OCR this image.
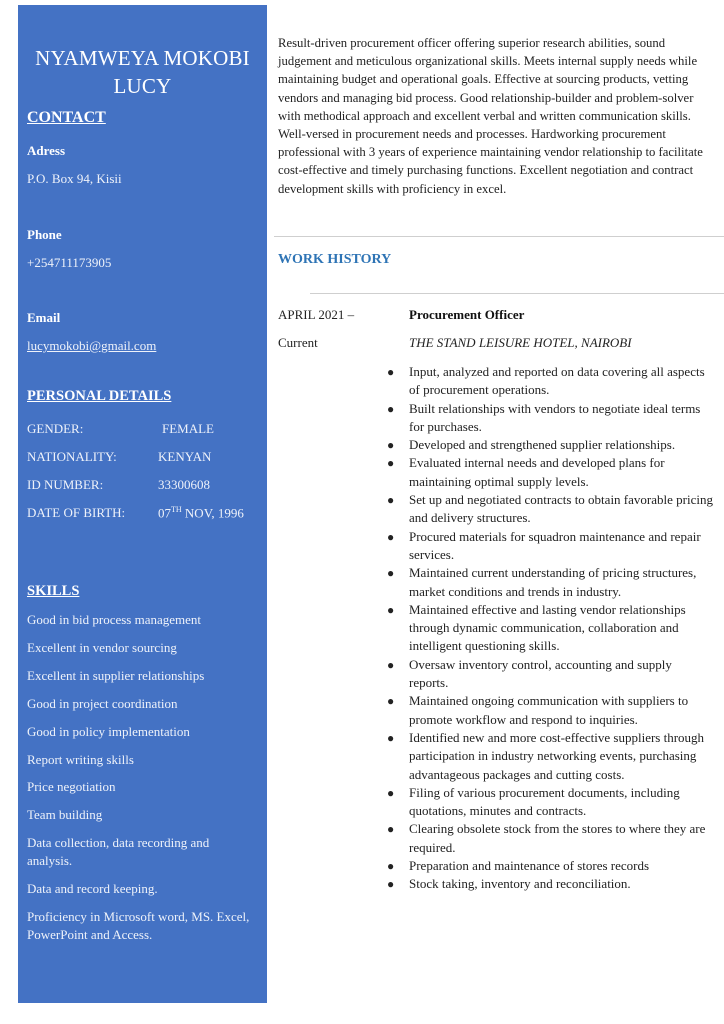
NYAMWEYA MOKOBI LUCY
CONTACT
Adress
P.O. Box 94, Kisii
Phone
+254711173905
Email
lucymokobi@gmail.com
PERSONAL DETAILS
GENDER:	FEMALE
NATIONALITY:	KENYAN
ID NUMBER:	33300608
DATE OF BIRTH:	07TH NOV, 1996
SKILLS
Good in bid process management
Excellent in vendor sourcing
Excellent in supplier relationships
Good in project coordination
Good in policy implementation
Report writing skills
Price negotiation
Team building
Data collection, data recording and analysis.
Data and record keeping.
Proficiency in Microsoft word, MS. Excel, PowerPoint and Access.
Result-driven procurement officer offering superior research abilities, sound judgement and meticulous organizational skills. Meets internal supply needs while maintaining budget and operational goals. Effective at sourcing products, vetting vendors and managing bid process. Good relationship-builder and problem-solver with methodical approach and excellent verbal and written communication skills. Well-versed in procurement needs and processes. Hardworking procurement professional with 3 years of experience maintaining vendor relationship to facilitate cost-effective and timely purchasing functions. Excellent negotiation and contract development skills with proficiency in excel.
WORK HISTORY
APRIL 2021 –
Current
Procurement Officer
THE STAND LEISURE HOTEL, NAIROBI
● Input, analyzed and reported on data covering all aspects of procurement operations.
● Built relationships with vendors to negotiate ideal terms for purchases.
● Developed and strengthened supplier relationships.
● Evaluated internal needs and developed plans for maintaining optimal supply levels.
● Set up and negotiated contracts to obtain favorable pricing and delivery structures.
● Procured materials for squadron maintenance and repair services.
● Maintained current understanding of pricing structures, market conditions and trends in industry.
● Maintained effective and lasting vendor relationships through dynamic communication, collaboration and intelligent questioning skills.
● Oversaw inventory control, accounting and supply reports.
● Maintained ongoing communication with suppliers to promote workflow and respond to inquiries.
● Identified new and more cost-effective suppliers through participation in industry networking events, purchasing advantageous packages and cutting costs.
● Filing of various procurement documents, including quotations, minutes and contracts.
● Clearing obsolete stock from the stores to where they are required.
● Preparation and maintenance of stores records
● Stock taking, inventory and reconciliation.
